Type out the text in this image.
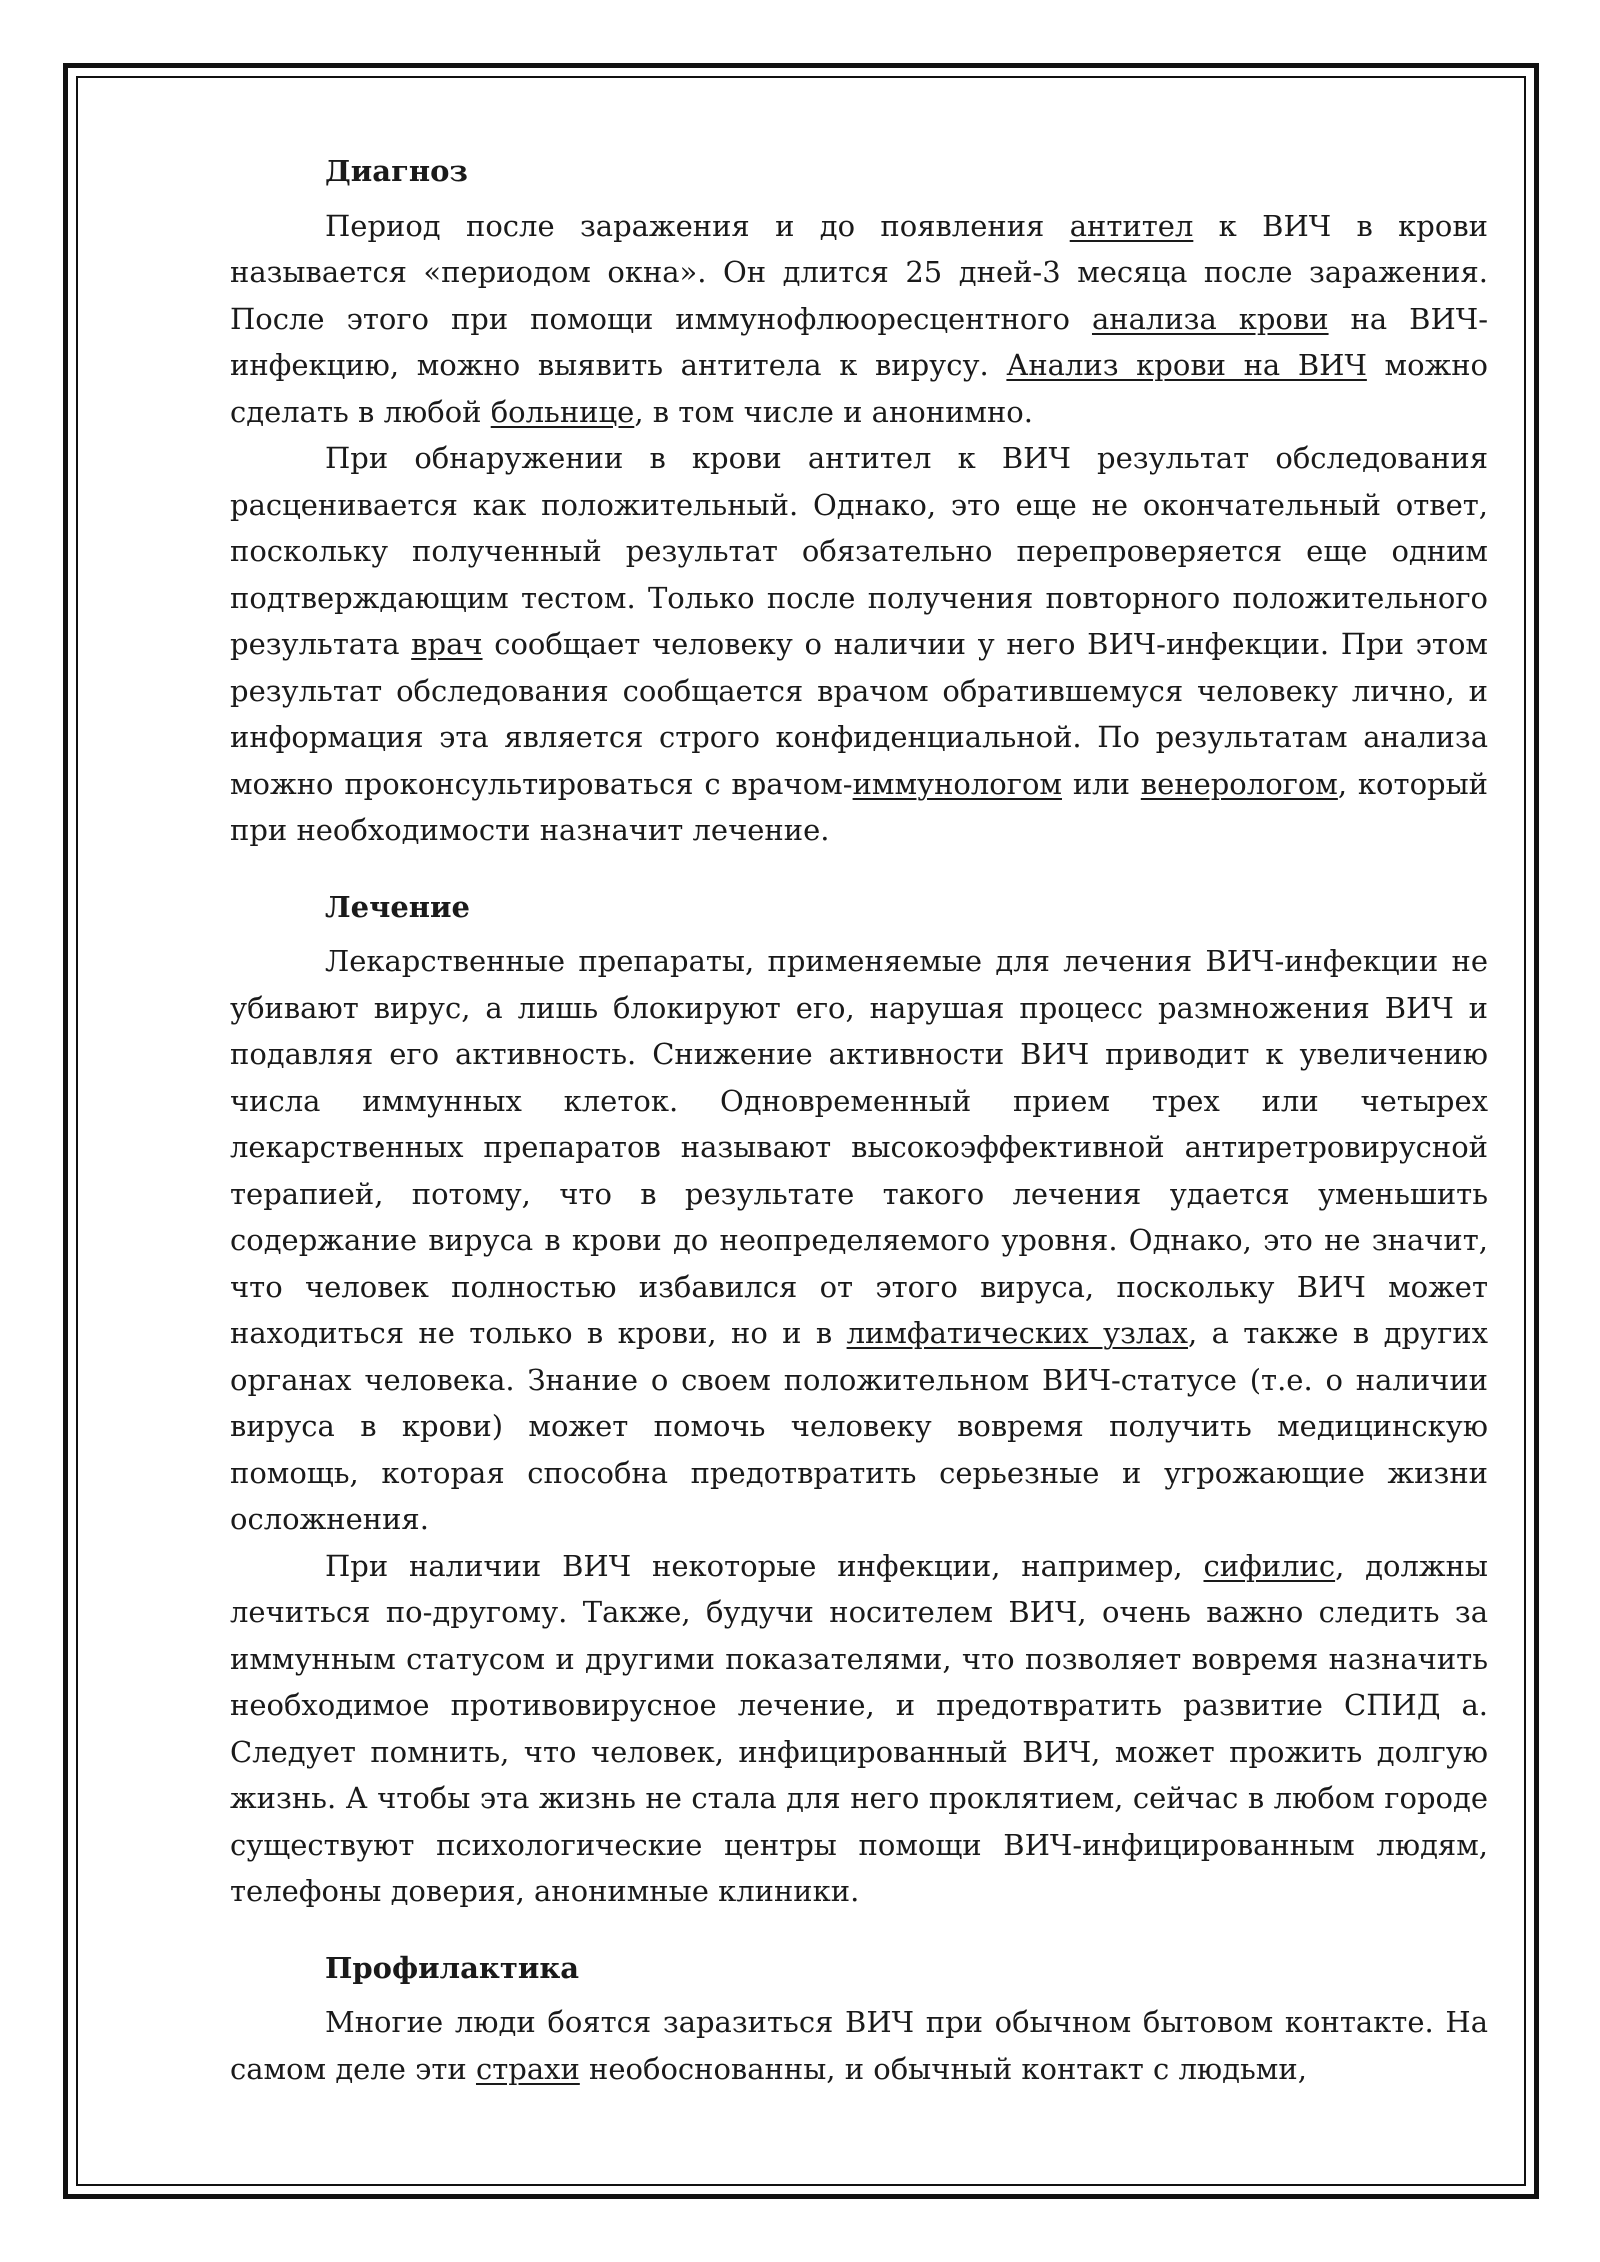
Диагноз

Период после заражения и до появления антител к ВИЧ в крови называется «периодом окна». Он длится 25 дней-3 месяца после заражения. После этого при помощи иммунофлюоресцентного анализа крови на ВИЧ-инфекцию, можно выявить антитела к вирусу. Анализ крови на ВИЧ можно сделать в любой больнице, в том числе и анонимно.

При обнаружении в крови антител к ВИЧ результат обследования расценивается как положительный. Однако, это еще не окончательный ответ, поскольку полученный результат обязательно перепроверяется еще одним подтверждающим тестом. Только после получения повторного положительного результата врач сообщает человеку о наличии у него ВИЧ-инфекции. При этом результат обследования сообщается врачом обратившемуся человеку лично, и информация эта является строго конфиденциальной. По результатам анализа можно проконсультироваться с врачом-иммунологом или венерологом, который при необходимости назначит лечение.

Лечение

Лекарственные препараты, применяемые для лечения ВИЧ-инфекции не убивают вирус, а лишь блокируют его, нарушая процесс размножения ВИЧ и подавляя его активность. Снижение активности ВИЧ приводит к увеличению числа иммунных клеток. Одновременный прием трех или четырех лекарственных препаратов называют высокоэффективной антиретровирусной терапией, потому, что в результате такого лечения удается уменьшить содержание вируса в крови до неопределяемого уровня. Однако, это не значит, что человек полностью избавился от этого вируса, поскольку ВИЧ может находиться не только в крови, но и в лимфатических узлах, а также в других органах человека. Знание о своем положительном ВИЧ-статусе (т.е. о наличии вируса в крови) может помочь человеку вовремя получить медицинскую помощь, которая способна предотвратить серьезные и угрожающие жизни осложнения.

При наличии ВИЧ некоторые инфекции, например, сифилис, должны лечиться по-другому. Также, будучи носителем ВИЧ, очень важно следить за иммунным статусом и другими показателями, что позволяет вовремя назначить необходимое противовирусное лечение, и предотвратить развитие СПИД а. Следует помнить, что человек, инфицированный ВИЧ, может прожить долгую жизнь. А чтобы эта жизнь не стала для него проклятием, сейчас в любом городе существуют психологические центры помощи ВИЧ-инфицированным людям, телефоны доверия, анонимные клиники.

Профилактика

Многие люди боятся заразиться ВИЧ при обычном бытовом контакте. На самом деле эти страхи необоснованны, и обычный контакт с людьми,
